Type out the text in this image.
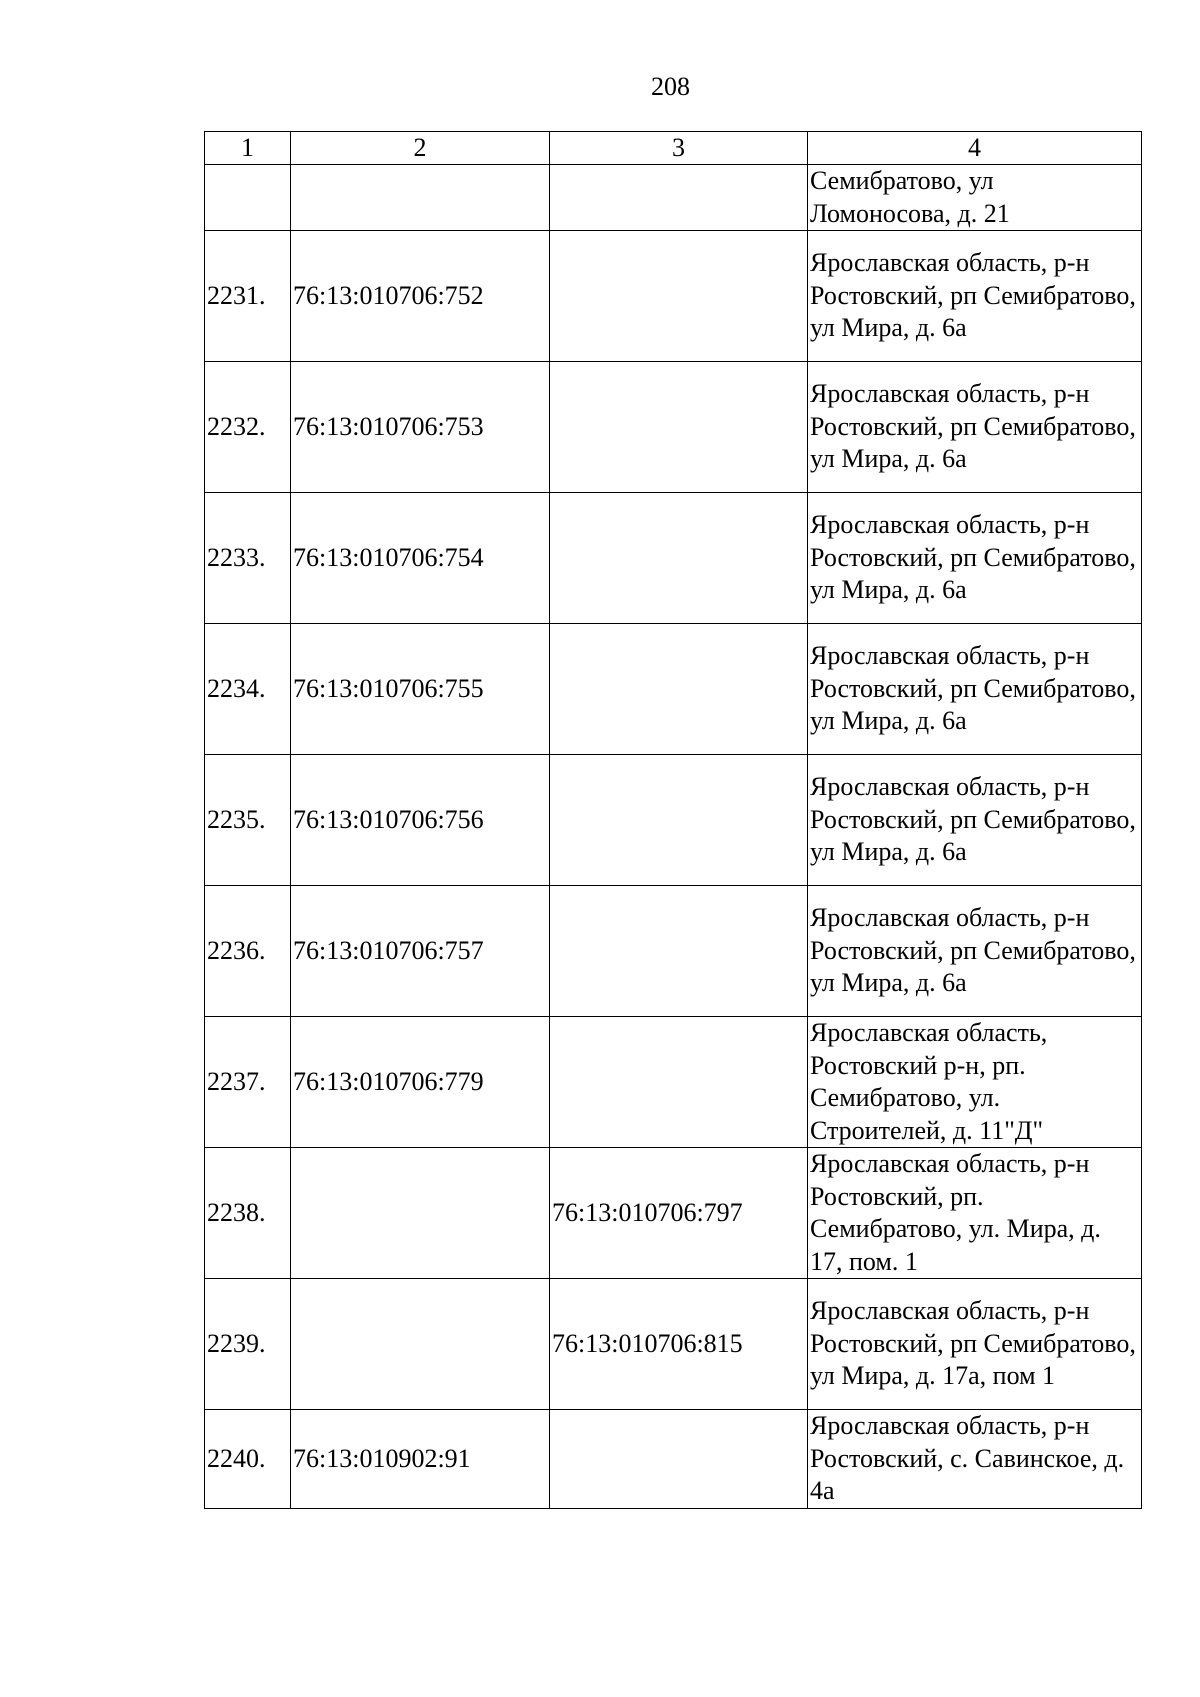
208
1	2	3	4
			Семибратово, ул Ломоносова, д. 21
2231.	76:13:010706:752		Ярославская область, р-н Ростовский, рп Семибратово, ул Мира, д. 6а
2232.	76:13:010706:753		Ярославская область, р-н Ростовский, рп Семибратово, ул Мира, д. 6а
2233.	76:13:010706:754		Ярославская область, р-н Ростовский, рп Семибратово, ул Мира, д. 6а
2234.	76:13:010706:755		Ярославская область, р-н Ростовский, рп Семибратово, ул Мира, д. 6а
2235.	76:13:010706:756		Ярославская область, р-н Ростовский, рп Семибратово, ул Мира, д. 6а
2236.	76:13:010706:757		Ярославская область, р-н Ростовский, рп Семибратово, ул Мира, д. 6а
2237.	76:13:010706:779		Ярославская область, Ростовский р-н, рп. Семибратово, ул. Строителей, д. 11"Д"
2238.		76:13:010706:797	Ярославская область, р-н Ростовский, рп. Семибратово, ул. Мира, д. 17, пом. 1
2239.		76:13:010706:815	Ярославская область, р-н Ростовский, рп Семибратово, ул Мира, д. 17а, пом 1
2240.	76:13:010902:91		Ярославская область, р-н Ростовский, с. Савинское, д. 4а
